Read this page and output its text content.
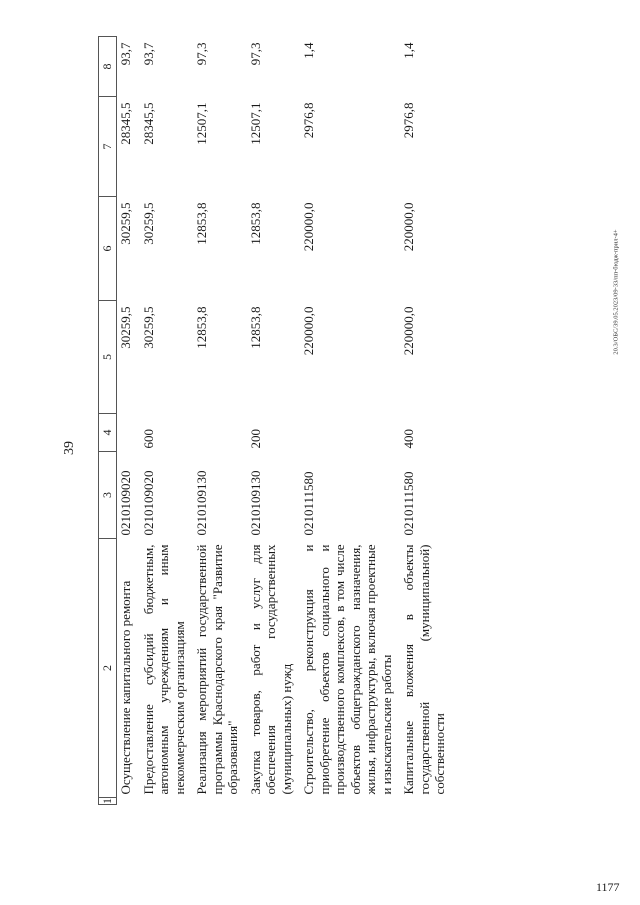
1177
20.3/ОБС/39.05.2023/09-33/пп-бюдж-прил-4+
39
1	2	3	4	5	6	7	8
	Осуществление капитального ремонта	0210109020		30259,5	30259,5	28345,5	93,7
	Предоставление субсидий бюджетным, автономным учреждениям и иным некоммерческим организациям	0210109020	600	30259,5	30259,5	28345,5	93,7
	Реализация мероприятий государственной программы Краснодарского края "Развитие образования"	0210109130		12853,8	12853,8	12507,1	97,3
	Закупка товаров, работ и услуг для обеспечения государственных (муниципальных) нужд	0210109130	200	12853,8	12853,8	12507,1	97,3
	Строительство, реконструкция и приобретение объектов социального и производственного комплексов, в том числе объектов общегражданского назначения, жилья, инфраструктуры, включая проектные и изыскательские работы	0210111580		220000,0	220000,0	2976,8	1,4
	Капитальные вложения в объекты государственной (муниципальной) собственности	0210111580	400	220000,0	220000,0	2976,8	1,4
